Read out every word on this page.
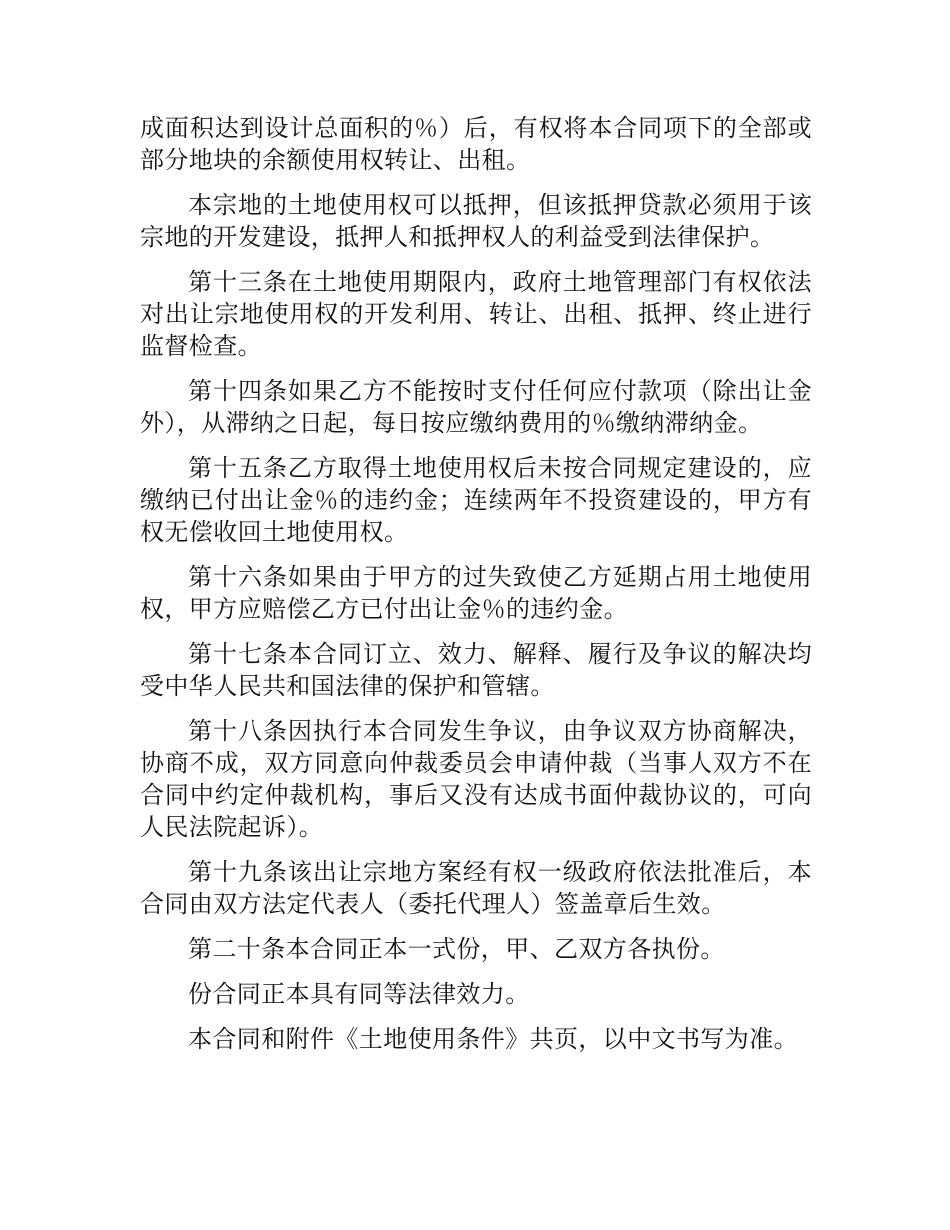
成面积达到设计总面积的％）后，有权将本合同项下的全部或部分地块的余额使用权转让、出租。

本宗地的土地使用权可以抵押，但该抵押贷款必须用于该宗地的开发建设，抵押人和抵押权人的利益受到法律保护。

第十三条在土地使用期限内，政府土地管理部门有权依法对出让宗地使用权的开发利用、转让、出租、抵押、终止进行监督检查。

第十四条如果乙方不能按时支付任何应付款项（除出让金外），从滞纳之日起，每日按应缴纳费用的％缴纳滞纳金。

第十五条乙方取得土地使用权后未按合同规定建设的，应缴纳已付出让金％的违约金；连续两年不投资建设的，甲方有权无偿收回土地使用权。

第十六条如果由于甲方的过失致使乙方延期占用土地使用权，甲方应赔偿乙方已付出让金％的违约金。

第十七条本合同订立、效力、解释、履行及争议的解决均受中华人民共和国法律的保护和管辖。

第十八条因执行本合同发生争议，由争议双方协商解决，协商不成，双方同意向仲裁委员会申请仲裁（当事人双方不在合同中约定仲裁机构，事后又没有达成书面仲裁协议的，可向人民法院起诉）。

第十九条该出让宗地方案经有权一级政府依法批准后，本合同由双方法定代表人（委托代理人）签盖章后生效。

第二十条本合同正本一式份，甲、乙双方各执份。

份合同正本具有同等法律效力。

本合同和附件《土地使用条件》共页，以中文书写为准。
